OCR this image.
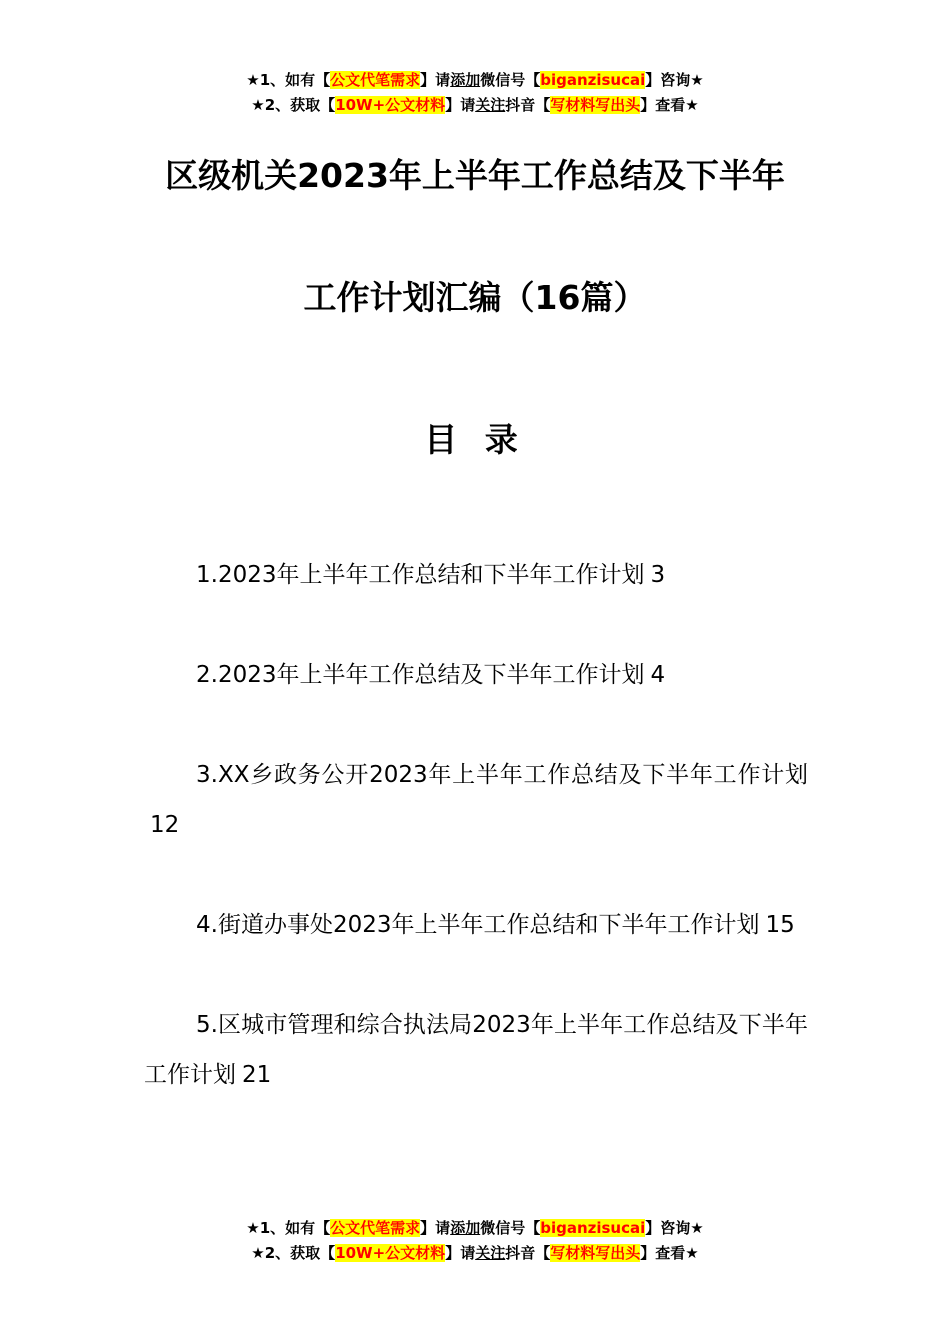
★1、如有【公文代笔需求】请添加微信号【biganzisucai】咨询★
★2、获取【10W+公文材料】请关注抖音【写材料写出头】查看★
区级机关2023年上半年工作总结及下半年
工作计划汇编（16篇）
目 录
1.2023年上半年工作总结和下半年工作计划 3
2.2023年上半年工作总结及下半年工作计划 4
3.XX乡政务公开2023年上半年工作总结及下半年工作计划12
4.街道办事处2023年上半年工作总结和下半年工作计划 15
5.区城市管理和综合执法局2023年上半年工作总结及下半年工作计划 21
★1、如有【公文代笔需求】请添加微信号【biganzisucai】咨询★
★2、获取【10W+公文材料】请关注抖音【写材料写出头】查看★
